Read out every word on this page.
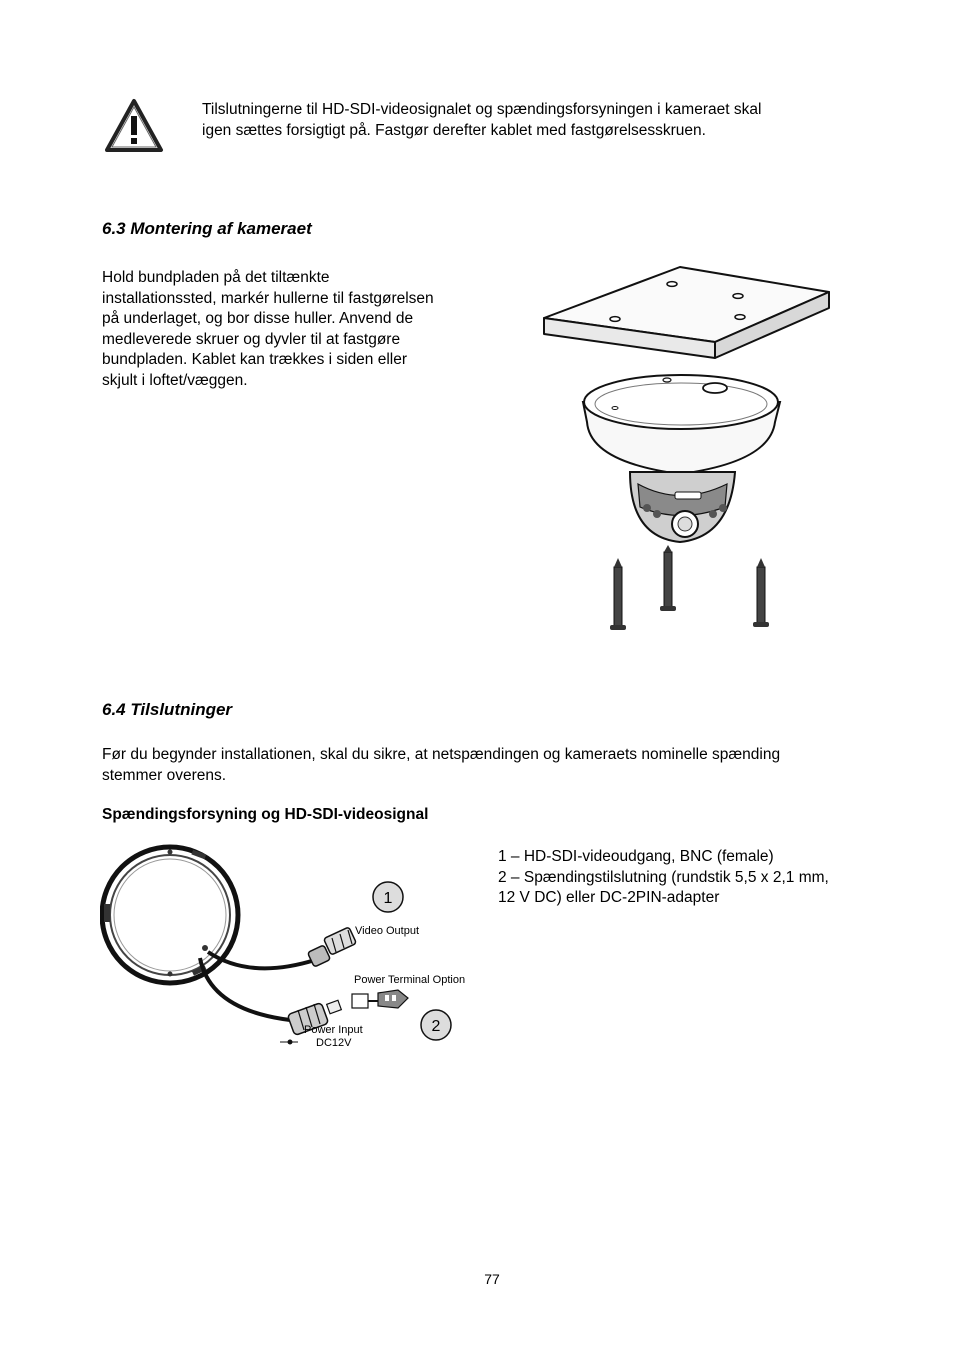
Tilslutningerne til HD-SDI-videosignalet og spændingsforsyningen i kameraet skal
igen sættes forsigtigt på. Fastgør derefter kablet med fastgørelsesskruen.
6.3 Montering af kameraet
Hold bundpladen på det tiltænkte
installationssted, markér hullerne til fastgørelsen
på underlaget, og bor disse huller. Anvend de
medleverede skruer og dyvler til at fastgøre
bundpladen. Kablet kan trækkes i siden eller
skjult i loftet/væggen.
6.4 Tilslutninger
Før du begynder installationen, skal du sikre, at netspændingen og kameraets nominelle spænding
stemmer overens.
Spændingsforsyning og HD-SDI-videosignal
1
2
Video Output
Power Terminal Option
Power Input
DC12V
1 – HD-SDI-videoudgang, BNC (female)
2 – Spændingstilslutning (rundstik 5,5 x 2,1 mm,
12 V DC) eller DC-2PIN-adapter
77
